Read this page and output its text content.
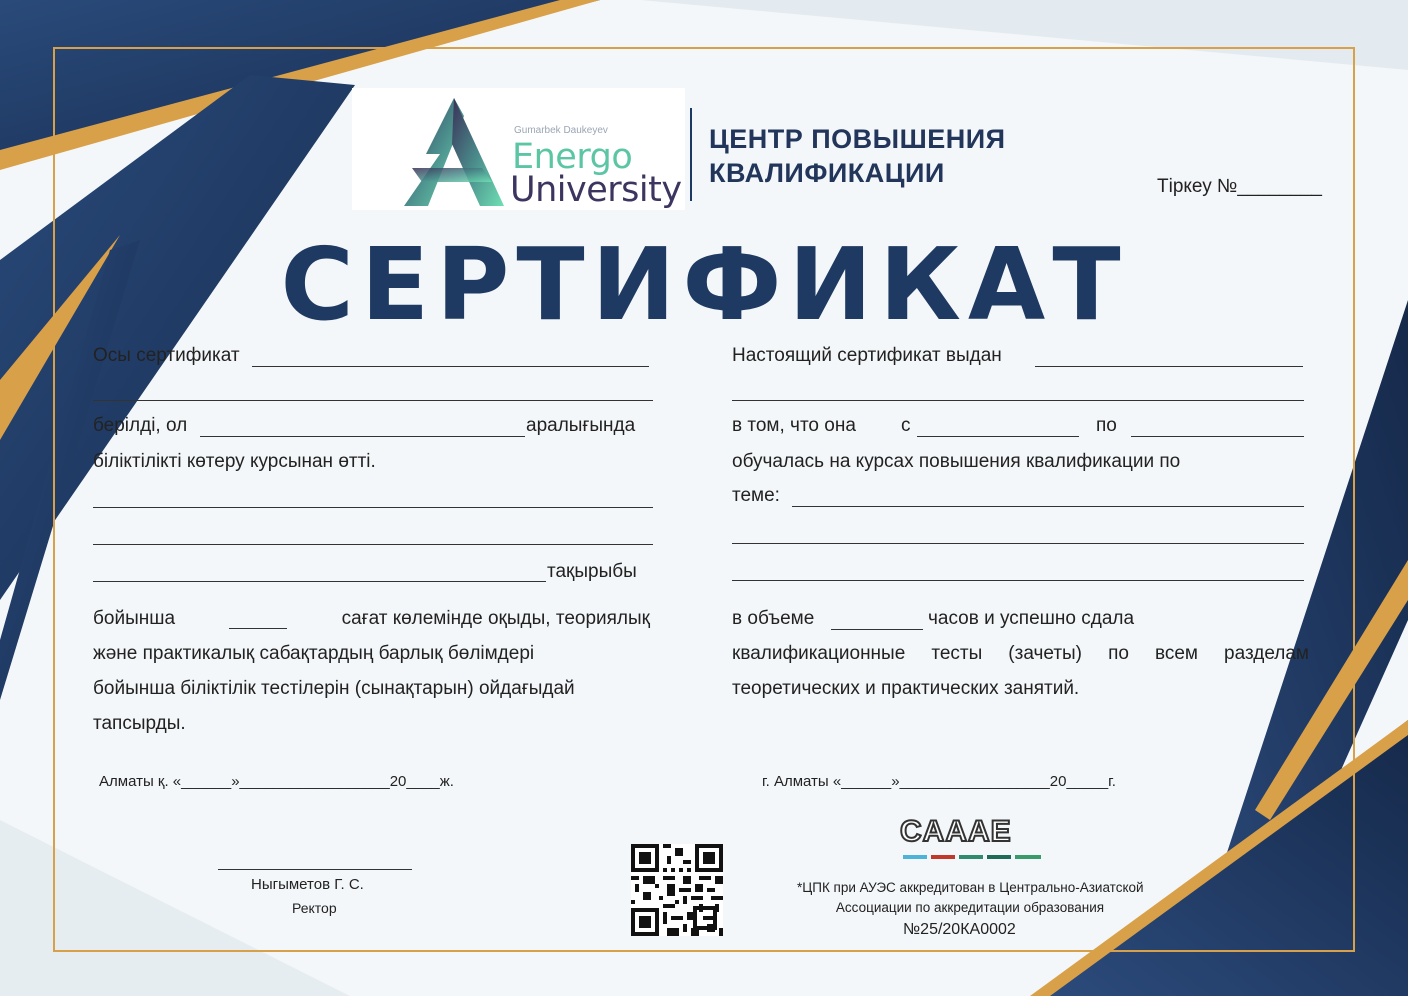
Gumarbek Daukeyev
Energo
University
ЦЕНТР ПОВЫШЕНИЯ
КВАЛИФИКАЦИИ	Тіркеу №________
СЕРТИФИКАТ
Осы сертификат
берілді, ол	аралығында
біліктілікті көтеру курсынан өтті.
тақырыбы
бойынша	сағат көлемінде оқыды, теориялық
және практикалық сабақтардың барлық бөлімдері
бойынша біліктілік тестілерін (сынақтарын) ойдағыдай
тапсырды.
Алматы қ. «______»__________________20____ж.
Настоящий сертификат выдан
в том, что она с	по
обучалась на курсах повышения квалификации по
теме:
в объеме	часов и успешно сдала
квалификационные тесты (зачеты) по всем разделам
теоретических и практических занятий.
г. Алматы «______»__________________20_____г.
Ныгыметов Г. С.
Ректор
CAAAE
*ЦПК при АУЭС аккредитован в Центрально-Азиатской
Ассоциации по аккредитации образования
№25/20КА0002
